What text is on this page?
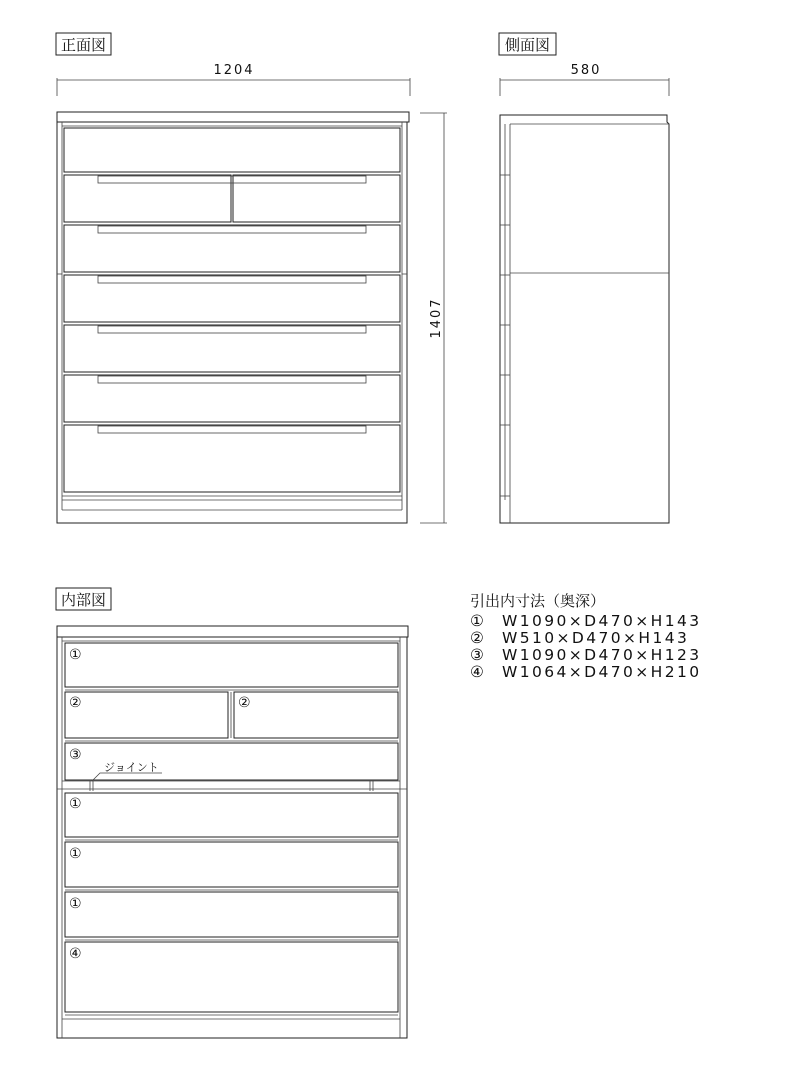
正面図
1204
1407
側面図
580
内部図
ジョイント
①
②	②
③
①
①
①
④

引出内寸法（奥深）

① W1090×D470×H143
② W510×D470×H143
③ W1090×D470×H123
④ W1064×D470×H210
